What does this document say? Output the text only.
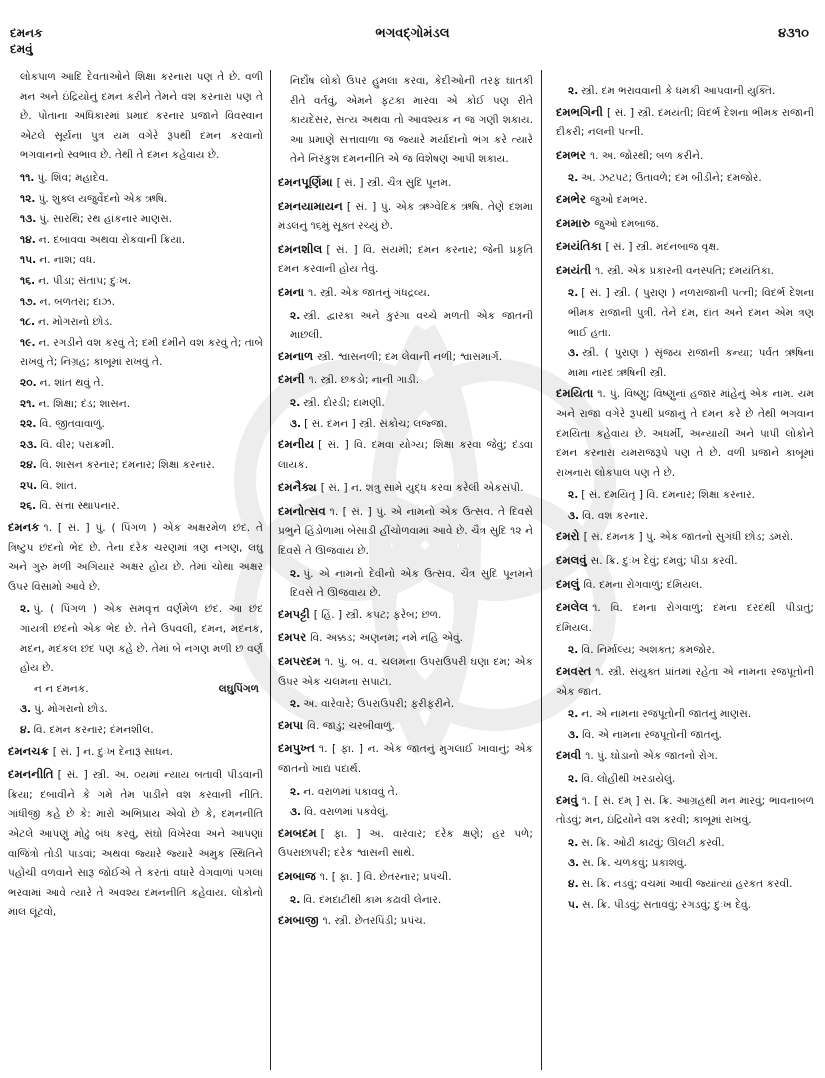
દમનક
દમવું
ભગવદ્ગોમંડલ	૪૩૧૦
લોકપાળ આદિ દેવતાઓને શિક્ષા કરનારા પણ તે છે. વળી મન અને ઇંદ્રિયોનું દમન કરીને તેમને વશ કરનારા પણ તે છે. પોતાના અધિકારમાં પ્રમાદ કરનાર પ્રજાને વિવસ્વાન એટલે સૂર્યના પુત્ર યમ વગેરે રૂપથી દમન કરવાનો ભગવાનનો સ્વભાવ છે. તેથી તે દમન કહેવાય છે.
૧૧. પું. શિવ; મહાદેવ.
૧૨. પું. શુક્લ યજુર્વેદનો એક ઋષિ.
૧૩. પું. સારથિ; રથ હાંકનાર માણસ.
૧૪. ન. દબાવવા અથવા રોકવાની ક્રિયા.
૧૫. ન. નાશ; વધ.
૧૬. ન. પીડા; સંતાપ; દુઃખ.
૧૭. ન. બળતરા; દાઝ.
૧૮. ન. મોગરાનો છોડ.
૧૯. ન. રગડીને વશ કરવું તે; દમી દમીને વશ કરવું તે; તાબે રાખવું તે; નિગ્રહ; કાબૂમાં રાખવું તે.
૨૦. ન. શાંત થવું તે.
૨૧. ન. શિક્ષા; દંડ; શાસન.
૨૨. વિ. જીતવાવાળું.
૨૩. વિ. વીર; પરાક્રમી.
૨૪. વિ. શાસન કરનાર; દમનાર; શિક્ષા કરનાર.
૨૫. વિ. શાંત.
૨૬. વિ. સત્તા સ્થાપનાર.
દમનક ૧. [ સં. ] પું. ( પિંગળ ) એક અક્ષરમેળ છંદ. તે ત્રિષ્ટુપ છંદનો ભેદ છે. તેના દરેક ચરણમાં ત્રણ નગણ, લઘુ અને ગુરુ મળી અગિયાર અક્ષર હોય છે. તેમાં ચોથા અક્ષર ઉપર વિસામો આવે છે.
૨. પું. ( પિંગળ ) એક સમવૃત્ત વર્ણમેળ છંદ. આ છંદ ગાયત્રી છંદનો એક ભેદ છે. તેને ઉપવલી, દમન, મદનક, મદન, મદકલ છંદ પણ કહે છે. તેમાં બે નગણ મળી છ વર્ણ હોય છે.
ન ન દમનક.	લઘુપિંગળ
૩. પું. મોગરાનો છોડ.
૪. વિ. દમન કરનાર; દમનશીલ.
દમનચક્ર [ સં. ] ન. દુઃખ દેનારૂં સાધન.
દમનનીતિ [ સં. ] સ્ત્રી. અ. ૦યમાં ન્યાય બતાવી પીડવાની ક્રિયા; દબાવીને કે ગમે તેમ પાડીને વશ કરવાની નીતિ. ગાંધીજી કહે છે કે: મારો અભિપ્રાય એવો છે કે, દમનનીતિ એટલે આપણું મોઢું બંધ કરવું, સંઘો વિખેરવા અને આપણાં વાજિંત્રો તોડી પાડવાં; અથવા જ્યારે જ્યારે અમુક સ્થિતિને પહોંચી વળવાને સારૂ જોઈએ તે કરતાં વધારે વેગવાળાં પગલાં ભરવામાં આવે ત્યારે તે અવશ્ય દમનનીતિ કહેવાય. લોકોનો માલ લૂંટવો,
નિર્દોષ લોકો ઉપર હુમલા કરવા, કેદીઓની તરફ ઘાતકી રીતે વર્તવું, એમને ફટકા મારવા એ કોઈ પણ રીતે કાયદેસર, સત્ય અથવા તો આવશ્યક ન જ ગણી શકાય. આ પ્રમાણે સત્તાવાળા જ જ્યારે મર્યાદાનો ભંગ કરે ત્યારે તેને નિરંકુશ દમનનીતિ એ જ વિશેષણ આપી શકાય.
દમનપૂર્ણિમા [ સં. ] સ્ત્રી. ચૈત્ર સુદિ પૂનમ.
દમનયામાયન [ સં. ] પું. એક ઋગ્વેદિક ઋષિ. તેણે દશમા મંડલનું ૧૬મું સૂક્ત રચ્યું છે.
દમનશીલ [ સં. ] વિ. સંયમી; દમન કરનાર; જેની પ્રકૃતિ દમન કરવાની હોય તેવું.
દમના ૧. સ્ત્રી. એક જાતનું ગંધદ્રવ્ય.
૨. સ્ત્રી. દ્વારકા અને કુરંગા વચ્ચે મળતી એક જાતની માછલી.
દમનાળ સ્ત્રી. શ્વાસનળી; દમ લેવાની નળી; શ્વાસમાર્ગ.
દમની ૧. સ્ત્રી. છકડો; નાની ગાડી.
૨. સ્ત્રી. દોરડી; દામણી.
૩. [ સં. દમન ] સ્ત્રી. સંકોચ; લજ્જા.
દમનીય [ સં. ] વિ. દમવા યોગ્ય; શિક્ષા કરવા જેવું; દંડવા લાયક.
દમનૈક્ય [ સં. ] ન. શત્રુ સામે યુદ્ધ કરવા કરેલી એકસંપી.
દમનોત્સવ ૧. [ સં. ] પું. એ નામનો એક ઉત્સવ. તે દિવસે પ્રભુને હિંડોળામાં બેસાડી હીંચોળવામાં આવે છે. ચૈત્ર સુદિ ૧૨ ને દિવસે તે ઊજવાય છે.
૨. પું. એ નામનો દેવીનો એક ઉત્સવ. ચૈત્ર સુદિ પૂનમને દિવસે તે ઊજવાય છે.
દમપટ્ટી [ હિં. ] સ્ત્રી. કપટ; ફરેબ; છળ.
દમપર વિ. અક્કડ; અણનમ; નમે નહિ એવું.
દમપરદમ ૧. પું. બ. વ. ચલમના ઉપરાઉપરી ઘણા દમ; એક ઉપર એક ચલમના સપાટા.
૨. અ. વારેવારે; ઉપરાઉપરી; ફરીફરીને.
દમપા વિ. જાડું; ચરબીવાળું.
દમપુખ્ત ૧. [ ફા. ] ન. એક જાતનું મુગલાઈ ખાવાનું; એક જાતનો ખાદ્ય પદાર્થ.
૨. ન. વરાળમાં પકાવવું તે.
૩. વિ. વરાળમાં પકવેલું.
દમબદમ [ ફા. ] અ. વારંવાર; દરેક ક્ષણે; હર પળે; ઉપરાછાપરી; દરેક શ્વાસની સાથે.
દમબાજ ૧. [ ફા. ] વિ. છેતરનાર; પ્રપંચી.
૨. વિ. દમદાટીથી કામ કઢાવી લેનાર.
દમબાજી ૧. સ્ત્રી. છેતરપિંડી; પ્રપંચ.
૨. સ્ત્રી. દમ ભરાવવાની કે ધમકી આપવાની યુક્તિ.
દમભગિની [ સં. ] સ્ત્રી. દમયંતી; વિદર્ભ દેશના ભીમક રાજાની દીકરી; નલની પત્ની.
દમભર ૧. અ. જોરથી; બળ કરીને.
૨. અ. ઝટપટ; ઉતાવળે; દમ બીડીને; દમજોર.
દમભેર જુઓ દમભર.
દમમારુ જુઓ દમબાજ.
દમયંતિકા [ સં. ] સ્ત્રી. મદનબાજ વૃક્ષ.
દમયંતી ૧. સ્ત્રી. એક પ્રકારની વનસ્પતિ; દમયંતિકા.
૨. [ સં. ] સ્ત્રી. ( પુરાણ ) નળરાજાની પત્ની; વિદર્ભ દેશના ભીમક રાજાની પુત્રી. તેને દમ, દાંત અને દમન એમ ત્રણ ભાઈ હતા.
૩. સ્ત્રી. ( પુરાણ ) સૃંજય રાજાની કન્યા; પર્વત ઋષિના મામા નારદ ઋષિની સ્ત્રી.
દમયિતા ૧. પું. વિષ્ણુ; વિષ્ણુનાં હજાર માંહેનું એક નામ. યમ અને રાજા વગેરે રૂપથી પ્રજાનું તે દમન કરે છે તેથી ભગવાન દમયિતા કહેવાય છે. અધર્મી, અન્યાયી અને પાપી લોકોને દમન કરનારા યમરાજરૂપે પણ તે છે. વળી પ્રજાને કાબૂમાં રાખનારા લોકપાલ પણ તે છે.
૨. [ સં. દમયિતૃ ] વિ. દમનાર; શિક્ષા કરનાર.
૩. વિ. વશ કરનાર.
દમરો [ સં. દમનક ] પું. એક જાતનો સુગંધી છોડ; ડમરો.
દમલવું સ. ક્રિ. દુઃખ દેવું; દમવું; પીડા કરવી.
દમલું વિ. દમના રોગવાળું; દમિયલ.
દમલેલ ૧. વિ. દમના રોગવાળું; દમના દરદથી પીડાતું; દમિયલ.
૨. વિ. નિર્માલ્ય; અશક્ત; કમજોર.
દમવસ્ત ૧. સ્ત્રી. સંયુક્ત પ્રાંતમાં રહેતા એ નામના રજપૂતોની એક જાત.
૨. ન. એ નામના રજપૂતોની જાતનું માણસ.
૩. વિ. એ નામના રજપૂતોની જાતનું.
દમવી ૧. પું. ઘોડાનો એક જાતનો રોગ.
૨. વિ. લોહીથી ખરડાયેલું.
દમવું ૧. [ સં. દમ્ ] સ. ક્રિ. આગ્રહથી મન મારવું; ભાવનાબળ તોડવું; મન, ઇંદ્રિયોને વશ કરવી; કાબૂમાં રાખવું.
૨. સ. ક્રિ. ઓઢી કાઢવું; ઊલટી કરવી.
૩. સ. ક્રિ. ચળકવું; પ્રકાશવું.
૪. સ. ક્રિ. નડવું; વચમાં આવી જ્યાંત્યાં હરકત કરવી.
૫. સ. ક્રિ. પીડવું; સતાવવું; રગડવું; દુઃખ દેવું.
